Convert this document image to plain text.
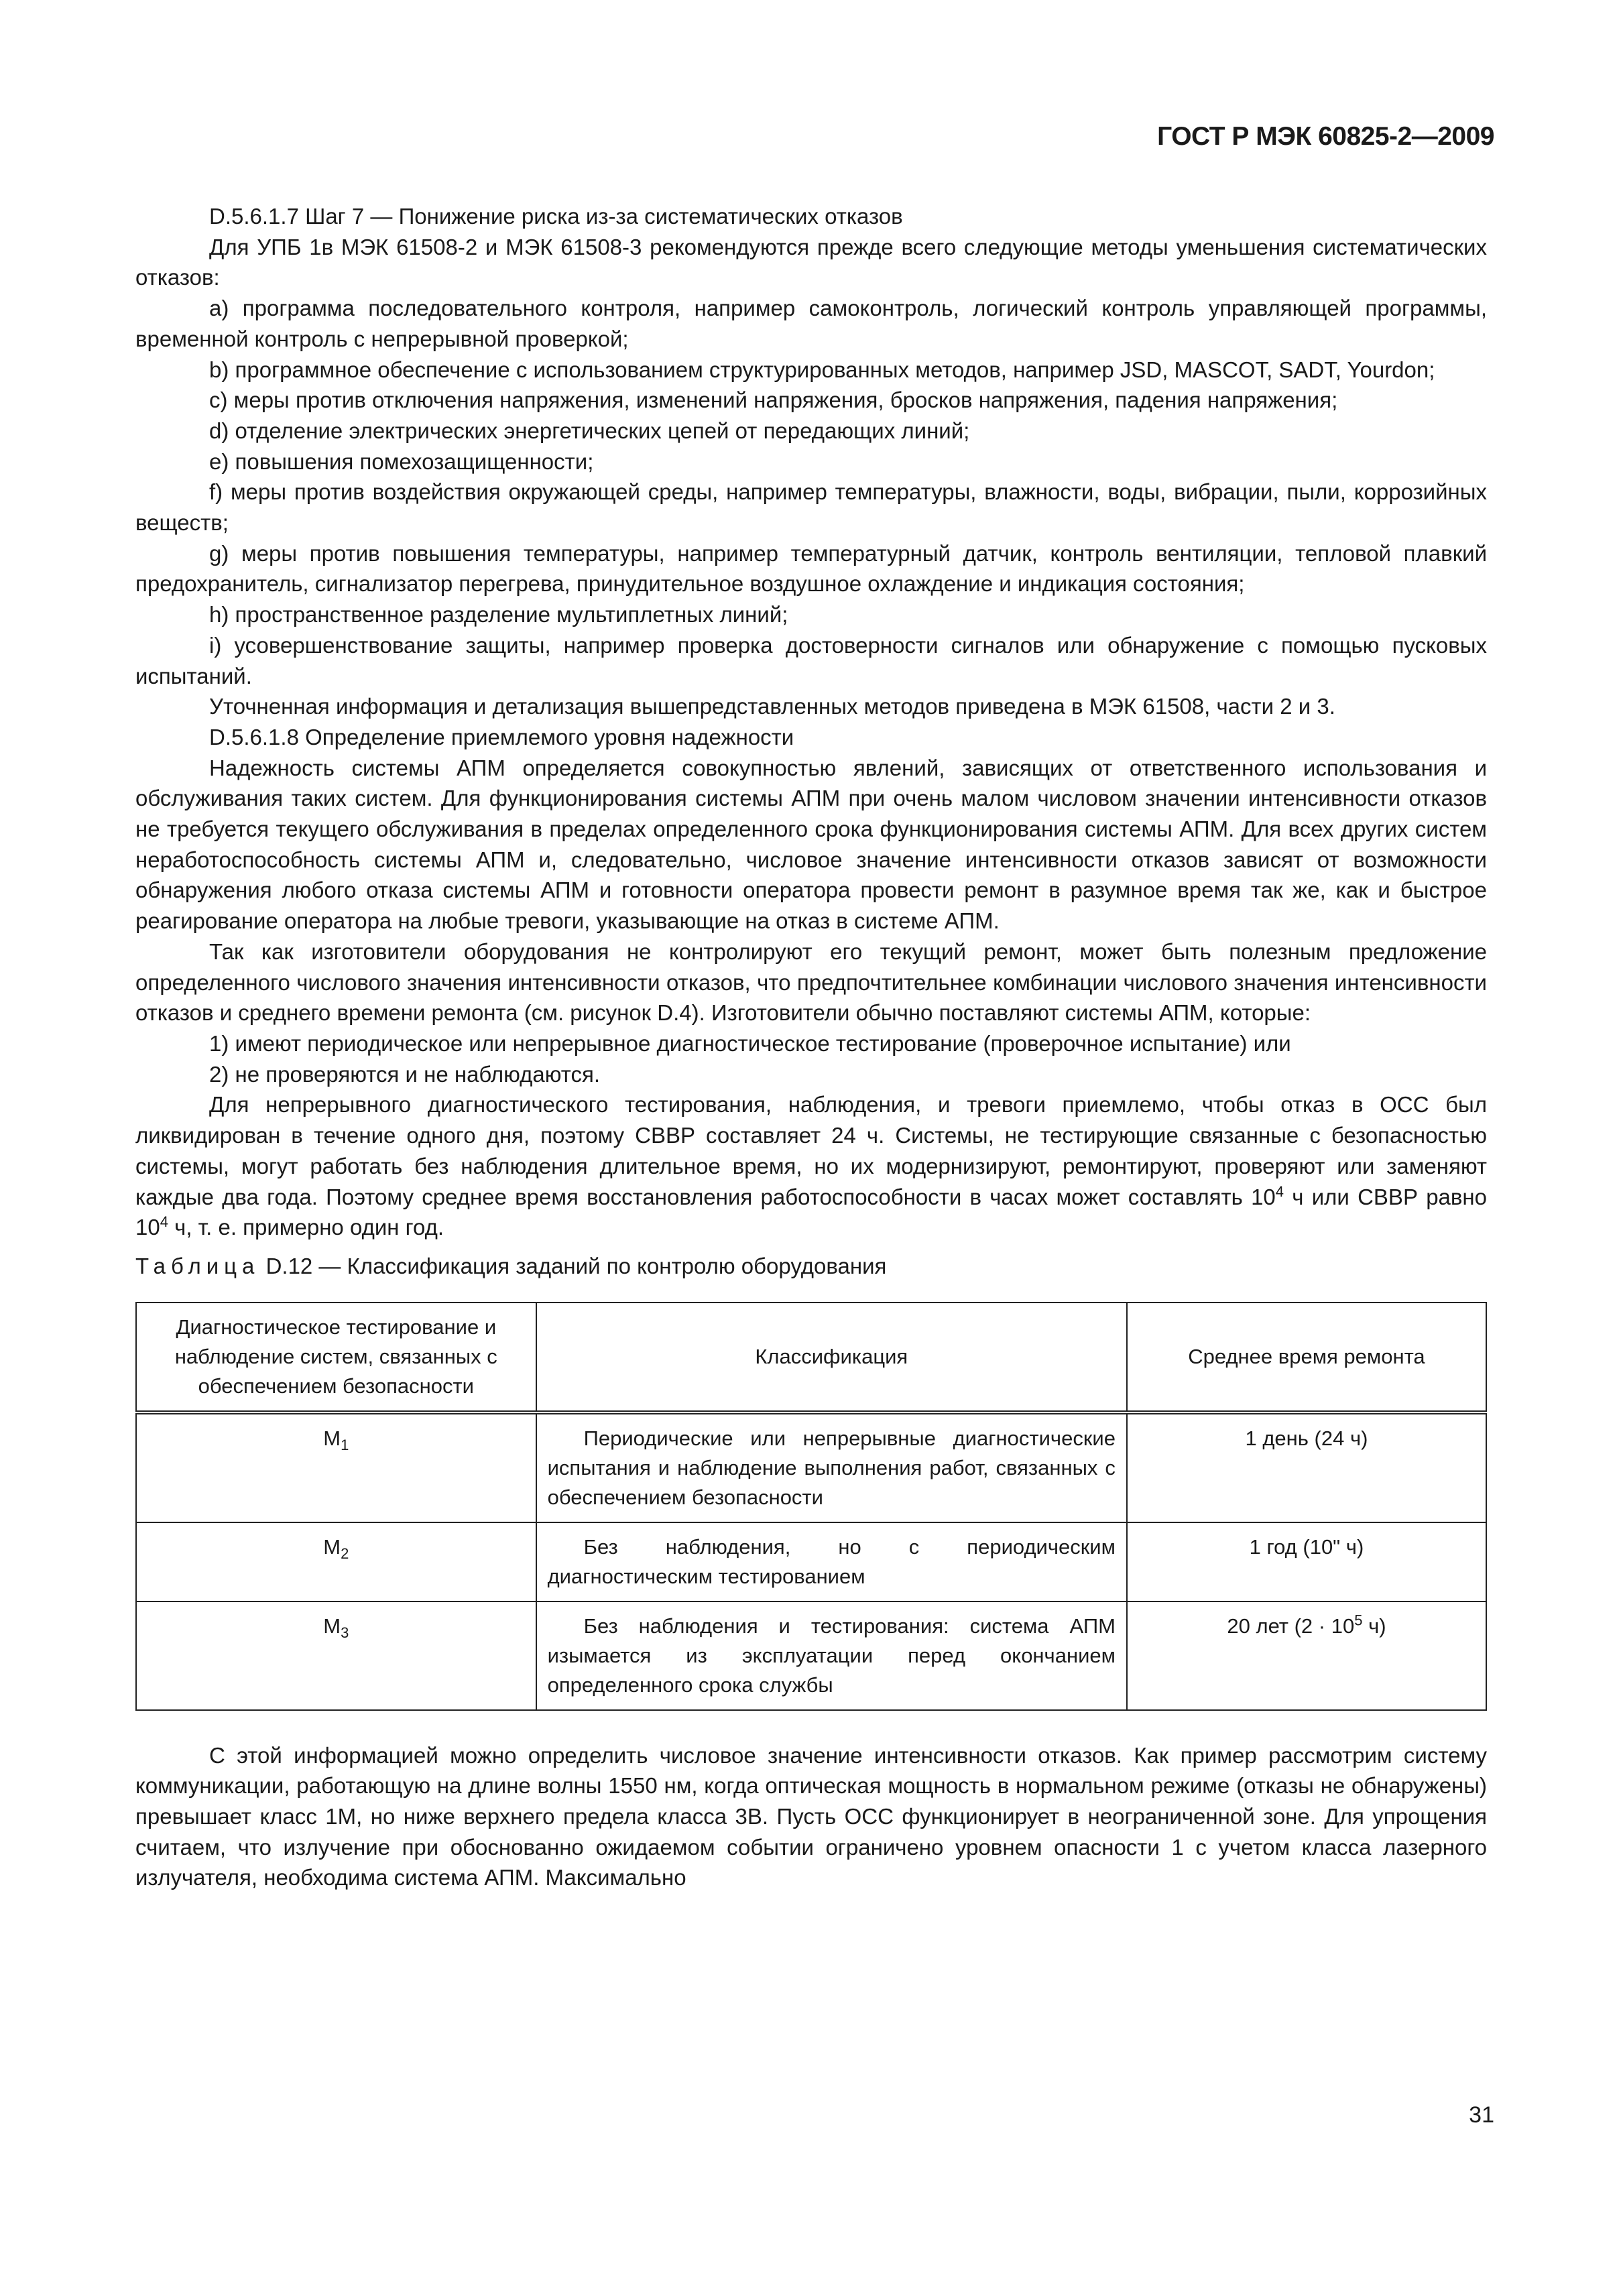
ГОСТ Р МЭК 60825-2—2009

D.5.6.1.7 Шаг 7 — Понижение риска из-за систематических отказов

Для УПБ 1в МЭК 61508-2 и МЭК 61508-3 рекомендуются прежде всего следующие методы уменьшения систематических отказов:

a) программа последовательного контроля, например самоконтроль, логический контроль управляющей программы, временной контроль с непрерывной проверкой;

b) программное обеспечение с использованием структурированных методов, например JSD, MASCOT, SADT, Yourdon;

c) меры против отключения напряжения, изменений напряжения, бросков напряжения, падения напряжения;

d) отделение электрических энергетических цепей от передающих линий;

e) повышения помехозащищенности;

f) меры против воздействия окружающей среды, например температуры, влажности, воды, вибрации, пыли, коррозийных веществ;

g) меры против повышения температуры, например температурный датчик, контроль вентиляции, тепловой плавкий предохранитель, сигнализатор перегрева, принудительное воздушное охлаждение и индикация состояния;

h) пространственное разделение мультиплетных линий;

i) усовершенствование защиты, например проверка достоверности сигналов или обнаружение с помощью пусковых испытаний.

Уточненная информация и детализация вышепредставленных методов приведена в МЭК 61508, части 2 и 3.

D.5.6.1.8 Определение приемлемого уровня надежности

Надежность системы АПМ определяется совокупностью явлений, зависящих от ответственного использования и обслуживания таких систем. Для функционирования системы АПМ при очень малом числовом значении интенсивности отказов не требуется текущего обслуживания в пределах определенного срока функционирования системы АПМ. Для всех других систем неработоспособность системы АПМ и, следовательно, числовое значение интенсивности отказов зависят от возможности обнаружения любого отказа системы АПМ и готовности оператора провести ремонт в разумное время так же, как и быстрое реагирование оператора на любые тревоги, указывающие на отказ в системе АПМ.

Так как изготовители оборудования не контролируют его текущий ремонт, может быть полезным предложение определенного числового значения интенсивности отказов, что предпочтительнее комбинации числового значения интенсивности отказов и среднего времени ремонта (см. рисунок D.4). Изготовители обычно поставляют системы АПМ, которые:

1) имеют периодическое или непрерывное диагностическое тестирование (проверочное испытание) или

2) не проверяются и не наблюдаются.

Для непрерывного диагностического тестирования, наблюдения, и тревоги приемлемо, чтобы отказ в ОСС был ликвидирован в течение одного дня, поэтому СВВР составляет 24 ч. Системы, не тестирующие связанные с безопасностью системы, могут работать без наблюдения длительное время, но их модернизируют, ремонтируют, проверяют или заменяют каждые два года. Поэтому среднее время восстановления работоспособности в часах может составлять $10^4$ ч или СВВР равно $10^4$ ч, т. е. примерно один год.

Таблица D.12 — Классификация заданий по контролю оборудования

Диагностическое тестирование и наблюдение систем, связанных с обеспечением безопасности	Классификация	Среднее время ремонта
$M_1$	Периодические или непрерывные диагностические испытания и наблюдение выполнения работ, связанных с обеспечением безопасности	1 день (24 ч)
$M_2$	Без наблюдения, но с периодическим диагностическим тестированием	1 год (10" ч)
$M_3$	Без наблюдения и тестирования: система АПМ изымается из эксплуатации перед окончанием определенного срока службы	20 лет ($2 \cdot 10^5$ ч)

С этой информацией можно определить числовое значение интенсивности отказов. Как пример рассмотрим систему коммуникации, работающую на длине волны 1550 нм, когда оптическая мощность в нормальном режиме (отказы не обнаружены) превышает класс 1М, но ниже верхнего предела класса 3В. Пусть ОСС функционирует в неограниченной зоне. Для упрощения считаем, что излучение при обоснованно ожидаемом событии ограничено уровнем опасности 1 с учетом класса лазерного излучателя, необходима система АПМ. Максимально

31
